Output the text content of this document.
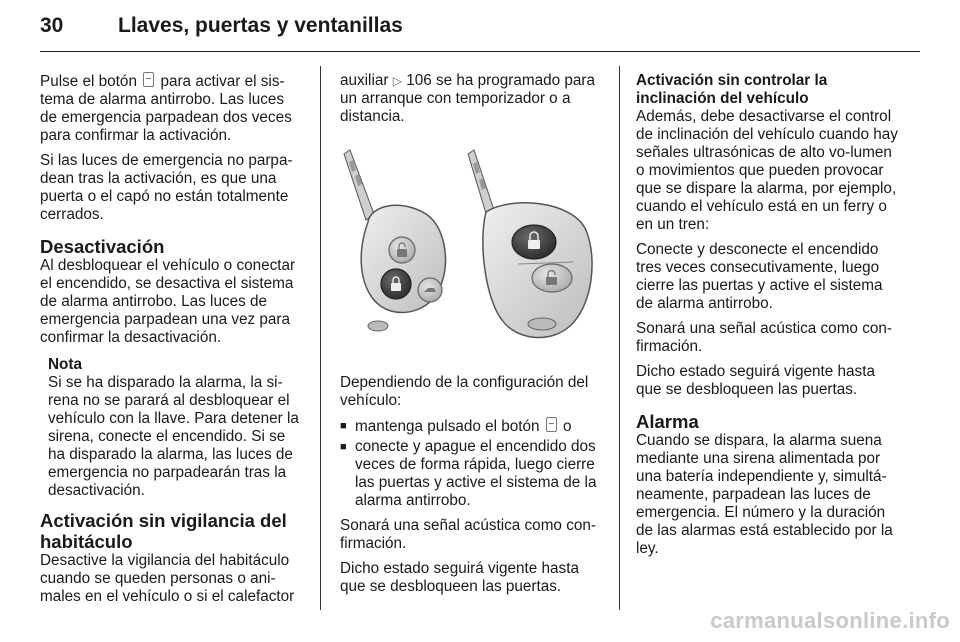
30	Llaves, puertas y ventanillas

Pulse el botón  para activar el sis-tema de alarma antirrobo. Las luces de emergencia parpadean dos veces para confirmar la activación.

Si las luces de emergencia no parpa-dean tras la activación, es que una puerta o el capó no están totalmente cerrados.

Desactivación

Al desbloquear el vehículo o conectar el encendido, se desactiva el sistema de alarma antirrobo. Las luces de emergencia parpadean una vez para confirmar la desactivación.

Nota
Si se ha disparado la alarma, la si-rena no se parará al desbloquear el vehículo con la llave. Para detener la sirena, conecte el encendido. Si se ha disparado la alarma, las luces de emergencia no parpadearán tras la desactivación.
Activación sin vigilancia del habitáculo

Desactive la vigilancia del habitáculo cuando se queden personas o ani-males en el vehículo o si el calefactor

auxiliar ▷ 106 se ha programado para un arranque con temporizador o a distancia.

Dependiendo de la configuración del vehículo:

■ mantenga pulsado el botón  o
■ conecte y apague el encendido dos veces de forma rápida, luego cierre las puertas y active el sistema de la alarma antirrobo.

Sonará una señal acústica como con-firmación.

Dicho estado seguirá vigente hasta que se desbloqueen las puertas.

Activación sin controlar la inclinación del vehículo

Además, debe desactivarse el control de inclinación del vehículo cuando hay señales ultrasónicas de alto vo-lumen o movimientos que pueden provocar que se dispare la alarma, por ejemplo, cuando el vehículo está en un ferry o en un tren:

Conecte y desconecte el encendido tres veces consecutivamente, luego cierre las puertas y active el sistema de alarma antirrobo.

Sonará una señal acústica como con-firmación.

Dicho estado seguirá vigente hasta que se desbloqueen las puertas.

Alarma

Cuando se dispara, la alarma suena mediante una sirena alimentada por una batería independiente y, simultá-neamente, parpadean las luces de emergencia. El número y la duración de las alarmas está establecido por la ley.

carmanualsonline.info
